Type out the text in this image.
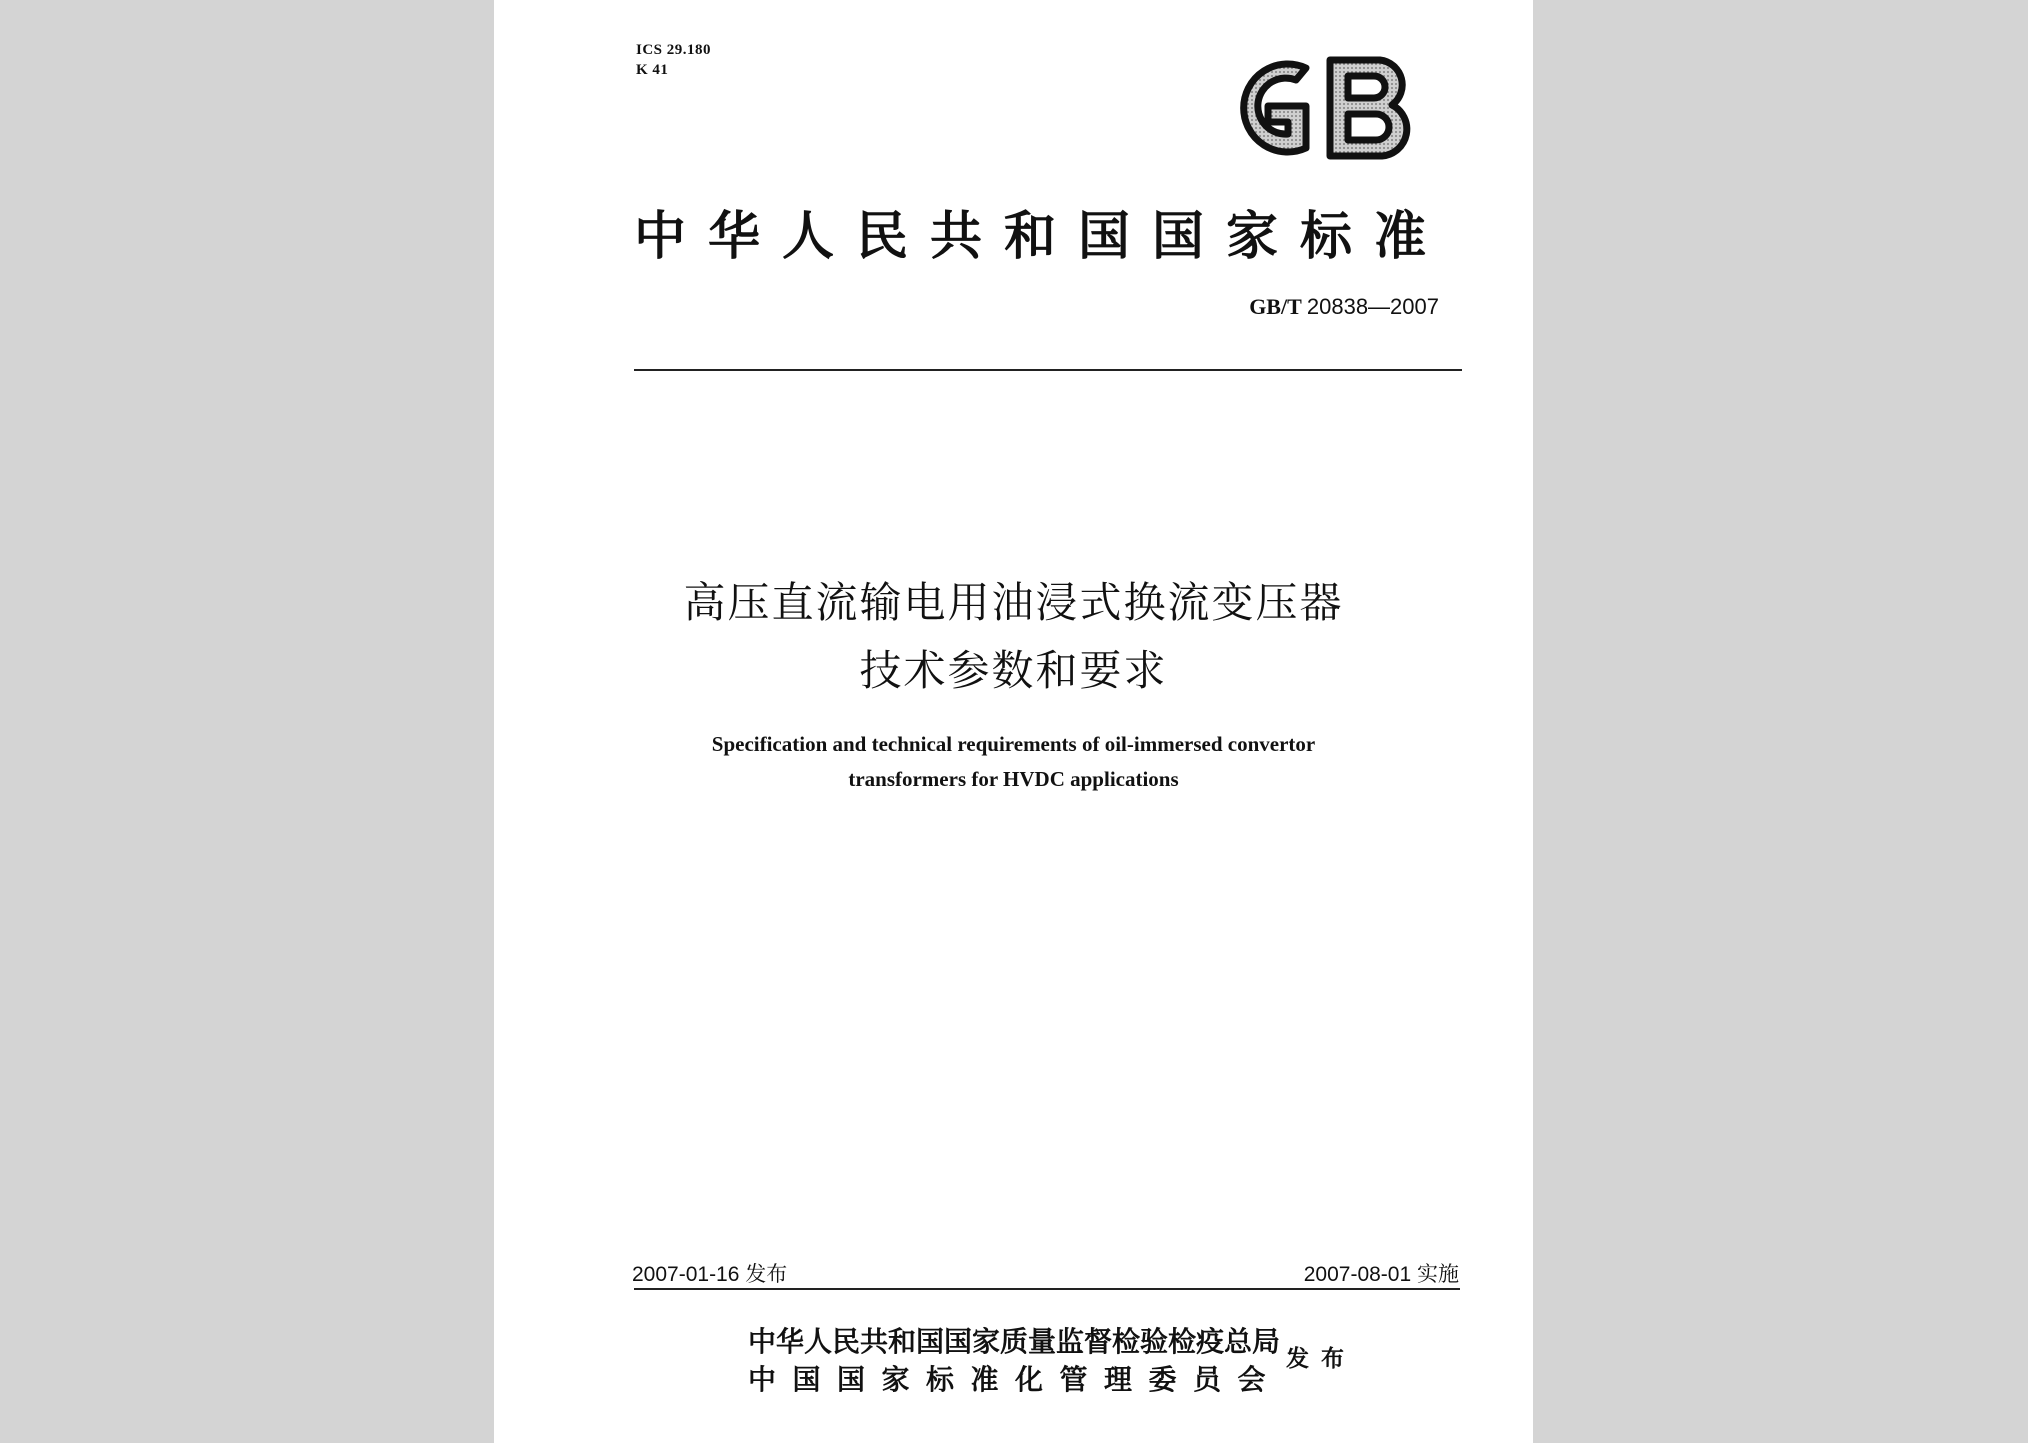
ICS 29.180
K 41
中华人民共和国国家标准
GB/T 20838—2007
高压直流输电用油浸式换流变压器
技术参数和要求
Specification and technical requirements of oil-immersed convertor
transformers for HVDC applications
2007-01-16 发布	2007-08-01 实施
中华人民共和国国家质量监督检验检疫总局
中国国家标准化管理委员会
发布
